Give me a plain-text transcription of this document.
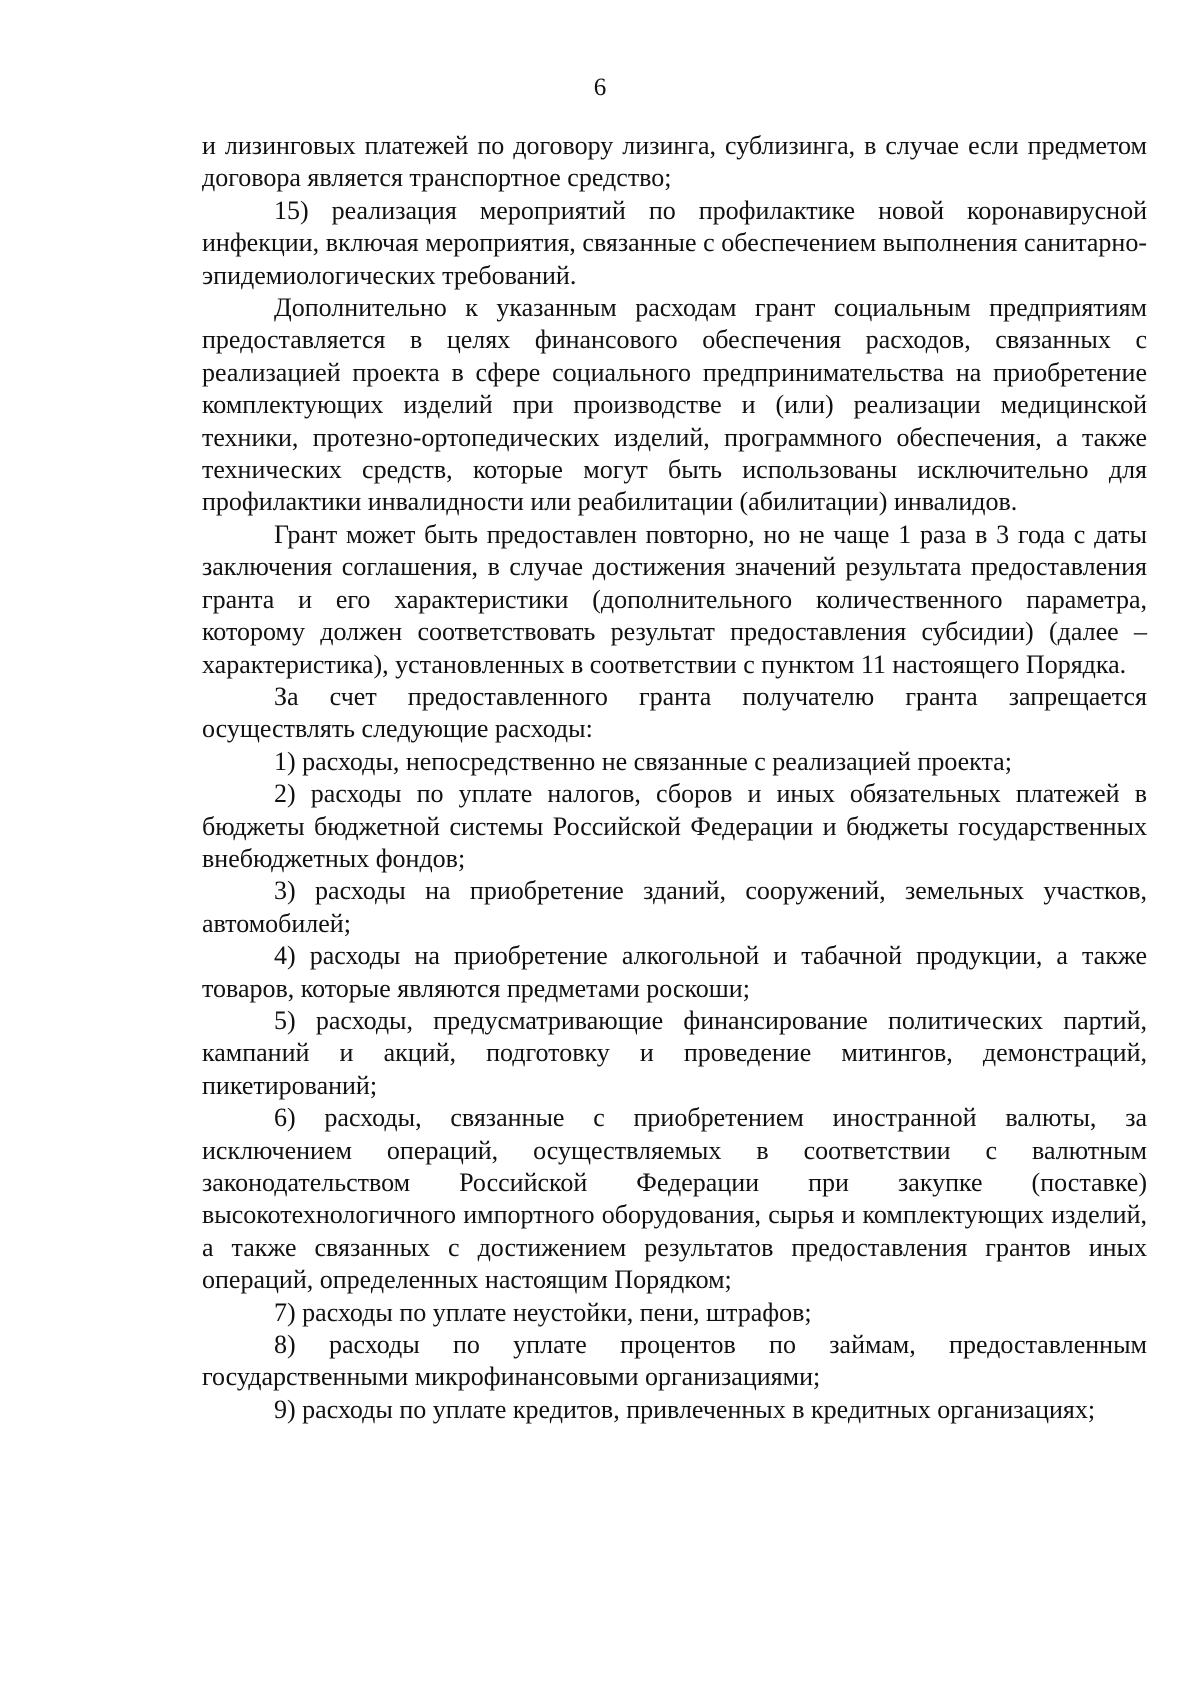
6

и лизинговых платежей по договору лизинга, сублизинга, в случае если предметом договора является транспортное средство;

15) реализация мероприятий по профилактике новой коронавирусной инфекции, включая мероприятия, связанные с обеспечением выполнения санитарно-эпидемиологических требований.

Дополнительно к указанным расходам грант социальным предприятиям предоставляется в целях финансового обеспечения расходов, связанных с реализацией проекта в сфере социального предпринимательства на приобретение комплектующих изделий при производстве и (или) реализации медицинской техники, протезно-ортопедических изделий, программного обеспечения, а также технических средств, которые могут быть использованы исключительно для профилактики инвалидности или реабилитации (абилитации) инвалидов.

Грант может быть предоставлен повторно, но не чаще 1 раза в 3 года с даты заключения соглашения, в случае достижения значений результата предоставления гранта и его характеристики (дополнительного количественного параметра, которому должен соответствовать результат предоставления субсидии) (далее – характеристика), установленных в соответствии с пунктом 11 настоящего Порядка.

За счет предоставленного гранта получателю гранта запрещается осуществлять следующие расходы:

1) расходы, непосредственно не связанные с реализацией проекта;

2) расходы по уплате налогов, сборов и иных обязательных платежей в бюджеты бюджетной системы Российской Федерации и бюджеты государственных внебюджетных фондов;

3) расходы на приобретение зданий, сооружений, земельных участков, автомобилей;

4) расходы на приобретение алкогольной и табачной продукции, а также товаров, которые являются предметами роскоши;

5) расходы, предусматривающие финансирование политических партий, кампаний и акций, подготовку и проведение митингов, демонстраций, пикетирований;

6) расходы, связанные с приобретением иностранной валюты, за исключением операций, осуществляемых в соответствии с валютным законодательством Российской Федерации при закупке (поставке) высокотехнологичного импортного оборудования, сырья и комплектующих изделий, а также связанных с достижением результатов предоставления грантов иных операций, определенных настоящим Порядком;

7) расходы по уплате неустойки, пени, штрафов;

8) расходы по уплате процентов по займам, предоставленным государственными микрофинансовыми организациями;

9) расходы по уплате кредитов, привлеченных в кредитных организациях;
